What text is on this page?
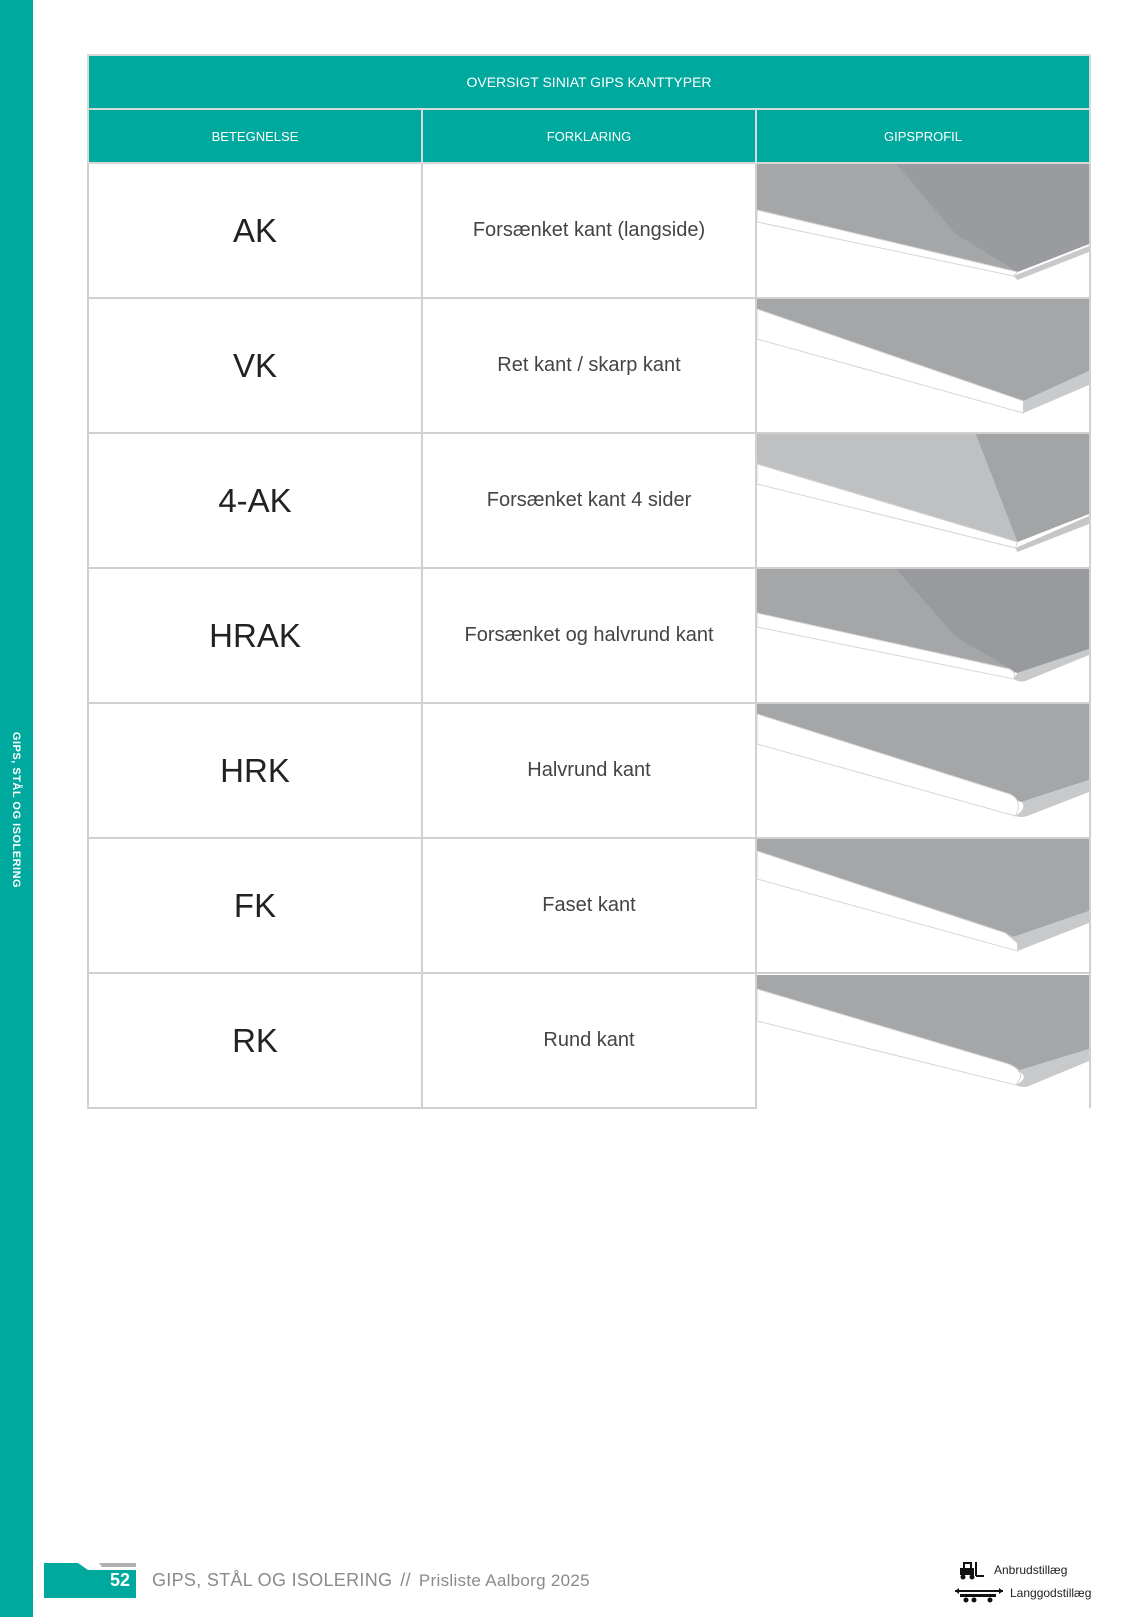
GIPS, STÅL OG ISOLERING
OVERSIGT SINIAT GIPS KANTTYPER		
BETEGNELSE	FORKLARING	GIPSPROFIL
AK	Forsænket kant (langside)	

VK	Ret kant / skarp kant	

4-AK	Forsænket kant 4 sider	

HRAK	Forsænket og halvrund kant	

HRK	Halvrund kant	

FK	Faset kant	

RK	Rund kant	
52 GIPS, STÅL OG ISOLERING // Prisliste Aalborg 2025
Anbrudstillæg
Langgodstillæg
